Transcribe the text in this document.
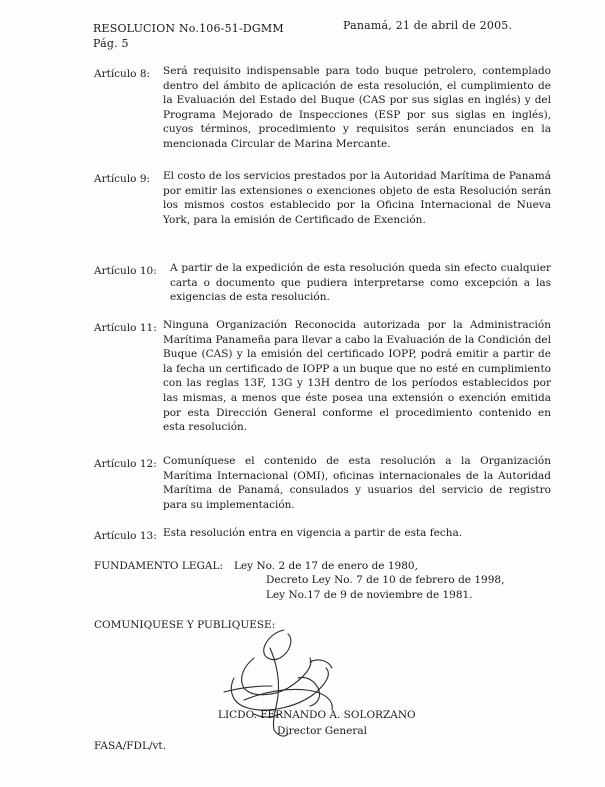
RESOLUCION No.106-51-DGMM	Panamá, 21 de abril de 2005.
Pág. 5
Artículo 8: Será requisito indispensable para todo buque petrolero, contemplado dentro del ámbito de aplicación de esta resolución, el cumplimiento de la Evaluación del Estado del Buque (CAS por sus siglas en inglés) y del Programa Mejorado de Inspecciones (ESP por sus siglas en inglés), cuyos términos, procedimiento y requisitos serán enunciados en la mencionada Circular de Marina Mercante.
Artículo 9: El costo de los servicios prestados por la Autoridad Marítima de Panamá por emitir las extensiones o exenciones objeto de esta Resolución serán los mismos costos establecido por la Oficina Internacional de Nueva York, para la emisión de Certificado de Exención.
Artículo 10: A partir de la expedición de esta resolución queda sin efecto cualquier carta o documento que pudiera interpretarse como excepción a las exigencias de esta resolución.
Artículo 11: Ninguna Organización Reconocida autorizada por la Administración Marítima Panameña para llevar a cabo la Evaluación de la Condición del Buque (CAS) y la emisión del certificado IOPP, podrá emitir a partir de la fecha un certificado de IOPP a un buque que no esté en cumplimiento con las reglas 13F, 13G y 13H dentro de los períodos establecidos por las mismas, a menos que éste posea una extensión o exención emitida por esta Dirección General conforme el procedimiento contenido en esta resolución.
Artículo 12: Comuníquese el contenido de esta resolución a la Organización Marítima Internacional (OMI), oficinas internacionales de la Autoridad Marítima de Panamá, consulados y usuarios del servicio de registro para su implementación.
Artículo 13: Esta resolución entra en vigencia a partir de esta fecha.
FUNDAMENTO LEGAL: Ley No. 2 de 17 de enero de 1980,
Decreto Ley No. 7 de 10 de febrero de 1998,
Ley No.17 de 9 de noviembre de 1981.
COMUNIQUESE Y PUBLIQUESE:
LICDO. FERNANDO A. SOLORZANO
Director General
FASA/FDL/vt.
